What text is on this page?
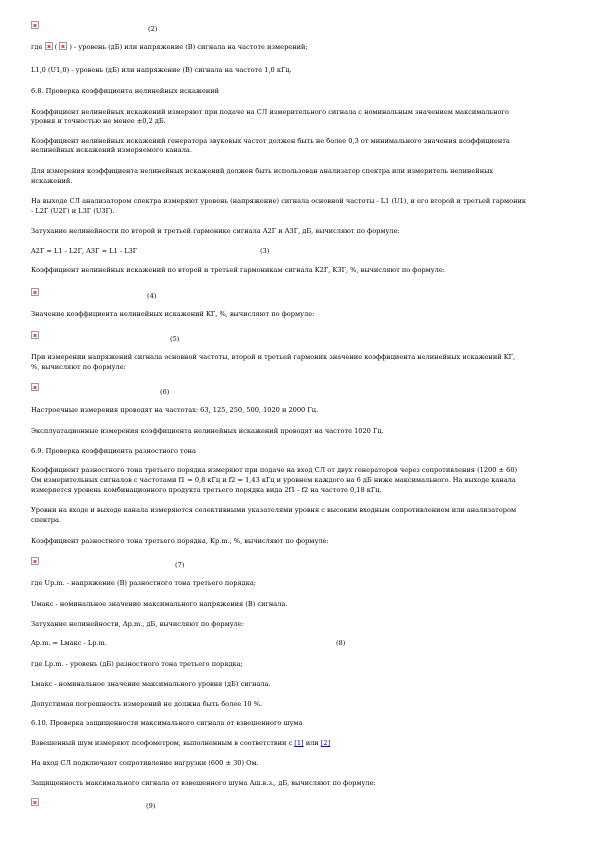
(2)
где  (  ) - уровень (дБ) или напряжение (В) сигнала на частоте измерений;
L1,0 (U1,0) - уровень (дБ) или напряжение (В) сигнала на частоте 1,0 кГц.
6.8. Проверка коэффициента нелинейных искажений
Коэффициент нелинейных искажений измеряют при подаче на СЛ измерительного сигнала с номинальным значением максимального
уровня и точностью не менее ±0,2 дБ.
Коэффициент нелинейных искажений генератора звуковых частот должен быть не более 0,3 от минимального значения коэффициента
нелинейных искажений измеряемого канала.
Для измерения коэффициента нелинейных искажений должен быть использован анализатор спектра или измеритель нелинейных
искажений.
На выходе СЛ анализатором спектра измеряют уровень (напряжение) сигнала основной частоты - L1 (U1), и его второй и третьей гармоник
- L2Г (U2Г) и L3Г (U3Г).
Затухание нелинейности по второй и третьей гармонике сигнала A2Г и A3Г, дБ, вычисляют по формуле:
A2Г = L1 - L2Г, A3Г = L1 - L3Г	(3)
Коэффициент нелинейных искажений по второй и третьей гармоникам сигнала K2Г, K3Г, %, вычисляют по формуле:
(4)
Значение коэффициента нелинейных искажений KГ, %, вычисляют по формуле:
(5)
При измерении напряжений сигнала основной частоты, второй и третьей гармоник значение коэффициента нелинейных искажений KГ,
%, вычисляют по формуле:
(6)
Настроечные измерения проводят на частотах: 63, 125, 250, 500, 1020 и 2000 Гц.
Эксплуатационные измерения коэффициента нелинейных искажений проводят на частоте 1020 Гц.
6.9. Проверка коэффициента разностного тона
Коэффициент разностного тона третьего порядка измеряют при подаче на вход СЛ от двух генераторов через сопротивления (1200 ± 60)
Ом измерительных сигналов с частотами f1 = 0,8 кГц и f2 = 1,43 кГц и уровнем каждого на 6 дБ ниже максимального. На выходе канала
измеряется уровень комбинационного продукта третьего порядка вида 2f1 - f2 на частоте 0,18 кГц.
Уровни на входе и выходе канала измеряются селективными указателями уровня с высоким входным сопротивлением или анализатором
спектра.
Коэффициент разностного тона третьего порядка, Kp.m., %, вычисляют по формуле:
(7)
где Up.m. - напряжение (В) разностного тона третьего порядка;
Uмакс - номинальное значение максимального напряжения (В) сигнала.
Затухание нелинейности, Ap.m., дБ, вычисляют по формуле:
Ap.m. = Lмакс - Lp.m.	(8)
где Lp.m. - уровень (дБ) разностного тона третьего порядка;
Lмакс - номинальное значение максимального уровня (дБ) сигнала.
Допустимая погрешность измерений не должна быть более 10 %.
6.10. Проверка защищенности максимального сигнала от взвешенного шума
Взвешенный шум измеряют псофометром, выполненным в соответствии с [1] или [2]
На вход СЛ подключают сопротивление нагрузки (600 ± 30) Ом.
Защищенность максимального сигнала от взвешенного шума Aш.в.з., дБ, вычисляют по формуле:
(9)
